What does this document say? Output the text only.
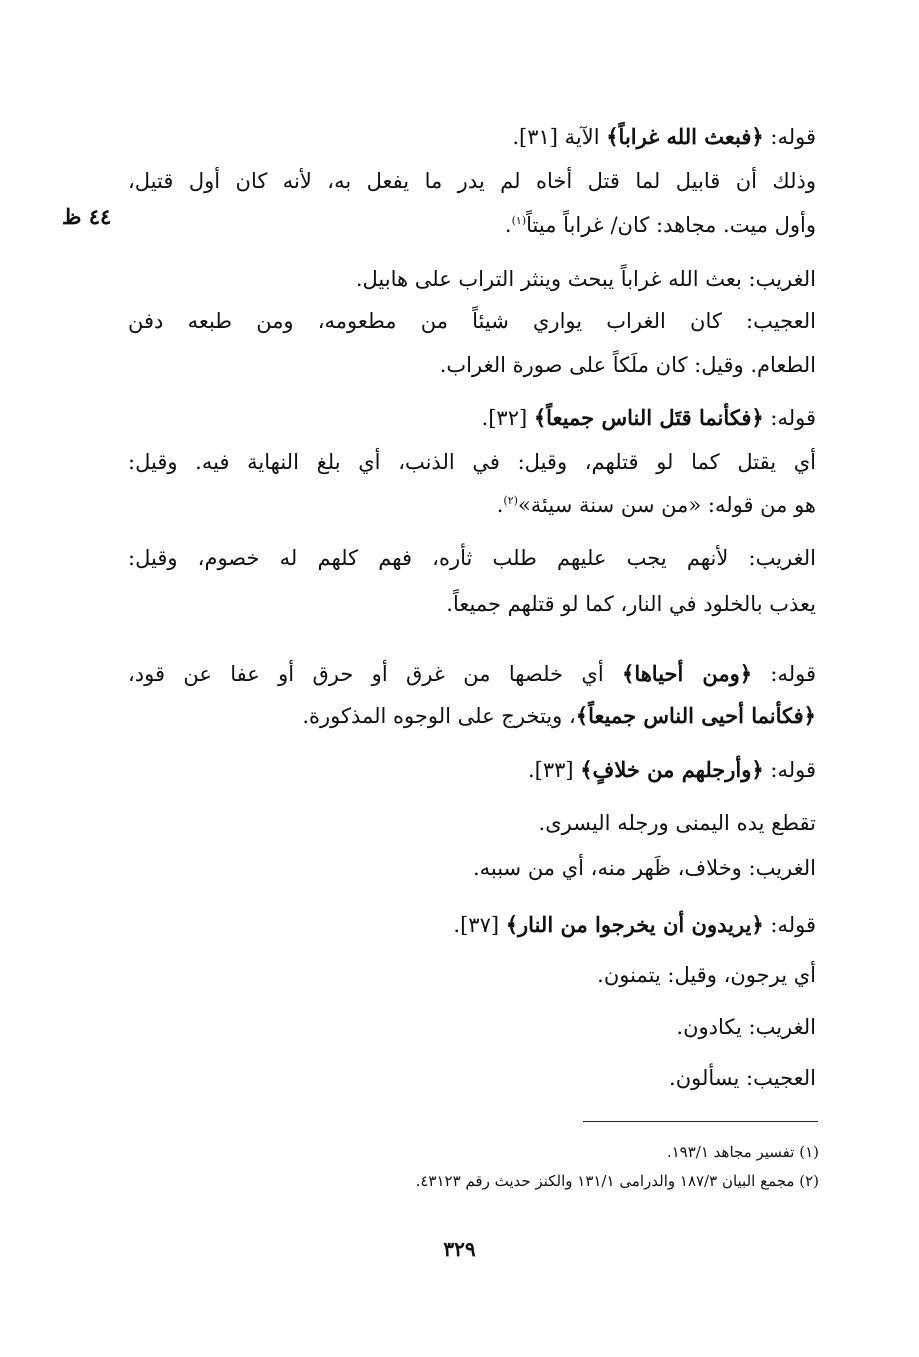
٤٤ ظ
قوله: ﴿فبعث الله غراباً﴾ الآية [٣١].
وذلك أن قابيل لما قتل أخاه لم يدر ما يفعل به، لأنه كان أول قتيل،
وأول ميت. مجاهد: كان/ غراباً ميتاً$^{(١)}$.
الغريب: بعث الله غراباً يبحث وينثر التراب على هابيل.
العجيب: كان الغراب يواري شيئاً من مطعومه، ومن طبعه دفن
الطعام. وقيل: كان ملَكاً على صورة الغراب.
قوله: ﴿فكأنما قتَل الناس جميعاً﴾ [٣٢].
أي يقتل كما لو قتلهم، وقيل: في الذنب، أي بلغ النهاية فيه. وقيل:
هو من قوله: «من سن سنة سيئة»$^{(٢)}$.
الغريب: لأنهم يجب عليهم طلب ثأره، فهم كلهم له خصوم، وقيل:
يعذب بالخلود في النار، كما لو قتلهم جميعاً.
قوله: ﴿ومن أحياها﴾ أي خلصها من غرق أو حرق أو عفا عن قود،
﴿فكأنما أحيى الناس جميعاً﴾، ويتخرج على الوجوه المذكورة.
قوله: ﴿وأرجلهم من خلافٍ﴾ [٣٣].
تقطع يده اليمنى ورجله اليسرى.
الغريب: وخلاف، ظَهر منه، أي من سببه.
قوله: ﴿يريدون أن يخرجوا من النار﴾ [٣٧].
أي يرجون، وقيل: يتمنون.
الغريب: يكادون.
العجيب: يسألون.
(١) تفسير مجاهد ١٩٣/١.
(٢) مجمع البيان ١٨٧/٣ والدرامى ١٣١/١ والكنز حديث رقم ٤٣١٢٣.
٣٢٩
